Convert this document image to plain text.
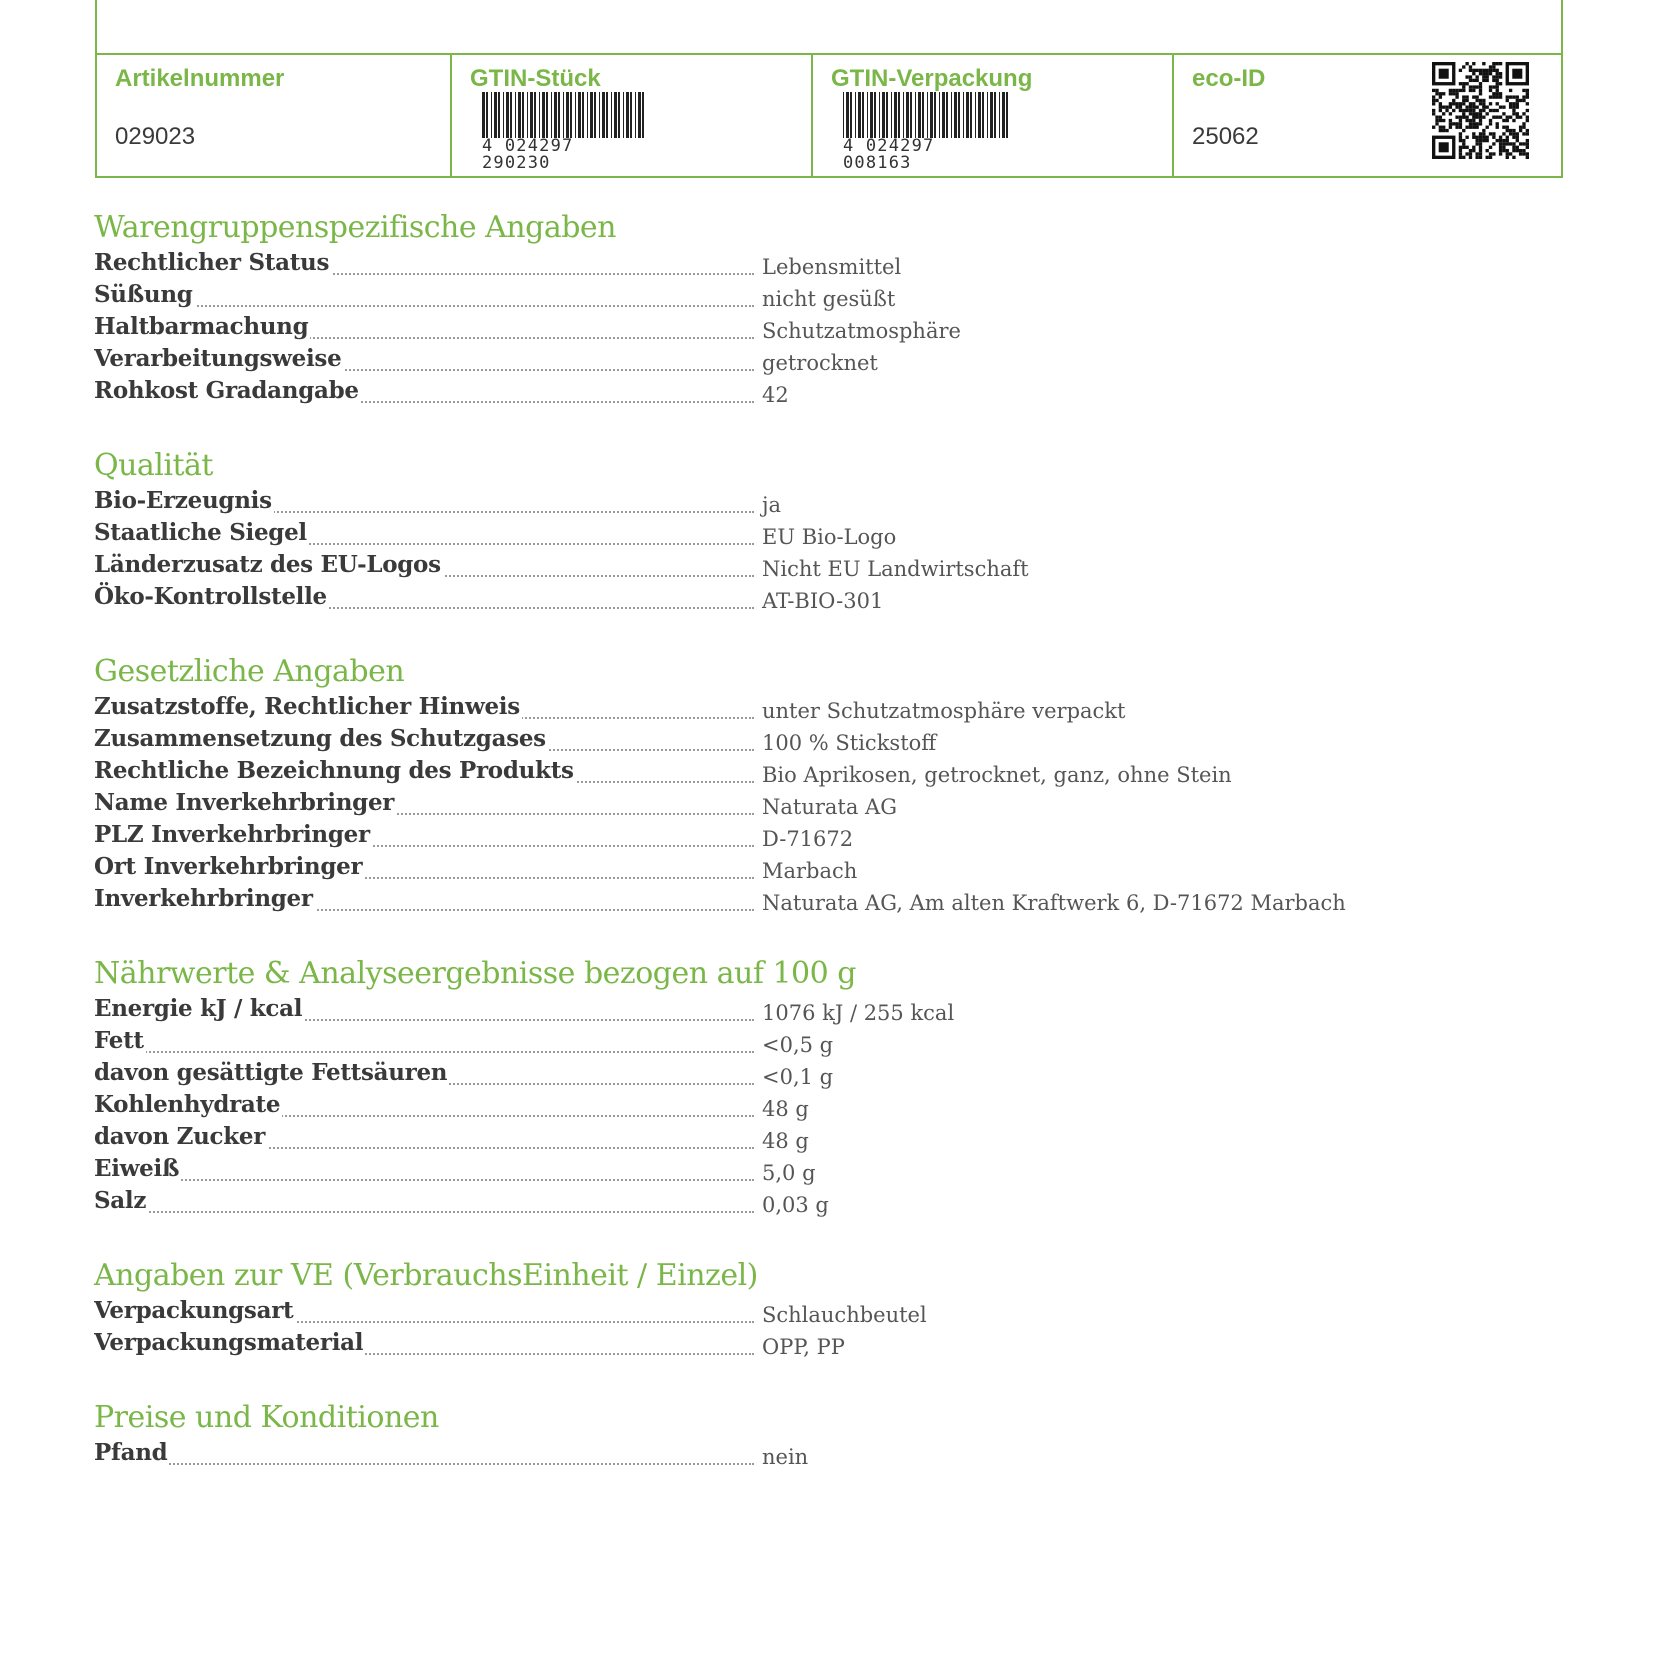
Artikelnummer
029023
GTIN-Stück
4 024297 290230
GTIN-Verpackung
4 024297 008163
eco-ID
25062
Warengruppenspezifische Angaben
Rechtlicher Status	Lebensmittel
Süßung	nicht gesüßt
Haltbarmachung	Schutzatmosphäre
Verarbeitungsweise	getrocknet
Rohkost Gradangabe	42
Qualität
Bio-Erzeugnis	ja
Staatliche Siegel	EU Bio-Logo
Länderzusatz des EU-Logos	Nicht EU Landwirtschaft
Öko-Kontrollstelle	AT-BIO-301
Gesetzliche Angaben
Zusatzstoffe, Rechtlicher Hinweis	unter Schutzatmosphäre verpackt
Zusammensetzung des Schutzgases	100 % Stickstoff
Rechtliche Bezeichnung des Produkts	Bio Aprikosen, getrocknet, ganz, ohne Stein
Name Inverkehrbringer	Naturata AG
PLZ Inverkehrbringer	D-71672
Ort Inverkehrbringer	Marbach
Inverkehrbringer	Naturata AG, Am alten Kraftwerk 6, D-71672 Marbach
Nährwerte & Analyseergebnisse bezogen auf 100 g
Energie kJ / kcal	1076 kJ / 255 kcal
Fett	<0,5 g
davon gesättigte Fettsäuren	<0,1 g
Kohlenhydrate	48 g
davon Zucker	48 g
Eiweiß	5,0 g
Salz	0,03 g
Angaben zur VE (VerbrauchsEinheit / Einzel)
Verpackungsart	Schlauchbeutel
Verpackungsmaterial	OPP, PP
Preise und Konditionen
Pfand	nein
